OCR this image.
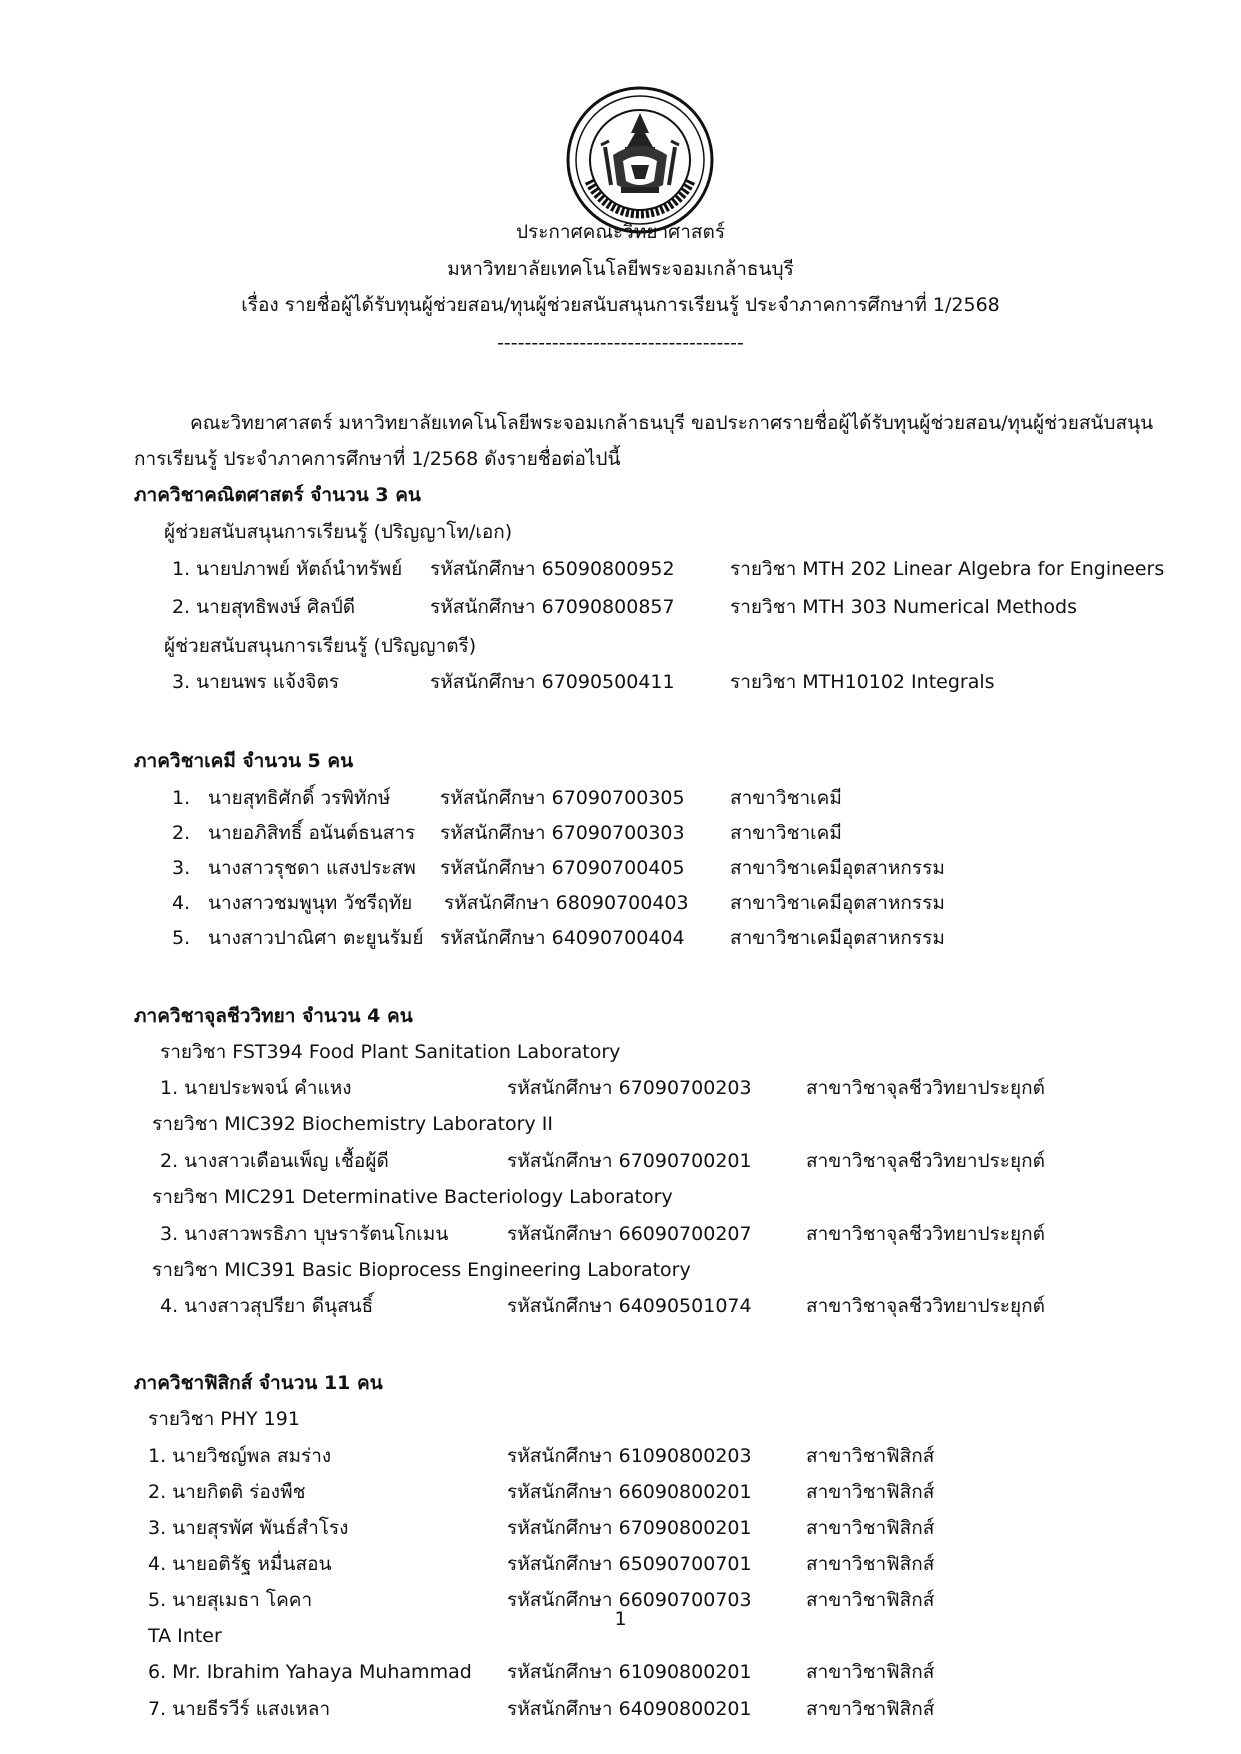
ประกาศคณะวิทยาศาสตร์
มหาวิทยาลัยเทคโนโลยีพระจอมเกล้าธนบุรี
เรื่อง รายชื่อผู้ได้รับทุนผู้ช่วยสอน/ทุนผู้ช่วยสนับสนุนการเรียนรู้ ประจำภาคการศึกษาที่ 1/2568
------------------------------------
คณะวิทยาศาสตร์ มหาวิทยาลัยเทคโนโลยีพระจอมเกล้าธนบุรี ขอประกาศรายชื่อผู้ได้รับทุนผู้ช่วยสอน/ทุนผู้ช่วยสนับสนุน
การเรียนรู้ ประจำภาคการศึกษาที่ 1/2568 ดังรายชื่อต่อไปนี้
ภาควิชาคณิตศาสตร์ จำนวน 3 คน
ผู้ช่วยสนับสนุนการเรียนรู้ (ปริญญาโท/เอก)
1. นายปภาพย์ หัตถ์นำทรัพย์ รหัสนักศึกษา 65090800952	รายวิชา MTH 202 Linear Algebra for Engineers
2. นายสุทธิพงษ์ ศิลป์ดี	รหัสนักศึกษา 67090800857	รายวิชา MTH 303 Numerical Methods
ผู้ช่วยสนับสนุนการเรียนรู้ (ปริญญาตรี)
3. นายนพร แจ้งจิตร	รหัสนักศึกษา 67090500411	รายวิชา MTH10102 Integrals
ภาควิชาเคมี จำนวน 5 คน
1. นายสุทธิศักดิ์ วรพิทักษ์	รหัสนักศึกษา 67090700305 สาขาวิชาเคมี
2. นายอภิสิทธิ์ อนันต์ธนสาร รหัสนักศึกษา 67090700303 สาขาวิชาเคมี
3. นางสาวรุชดา แสงประสพ รหัสนักศึกษา 67090700405 สาขาวิชาเคมีอุตสาหกรรม
4. นางสาวชมพูนุท วัชรีฤทัย รหัสนักศึกษา 68090700403 สาขาวิชาเคมีอุตสาหกรรม
5. นางสาวปาณิศา ตะยูนรัมย์ รหัสนักศึกษา 64090700404 สาขาวิชาเคมีอุตสาหกรรม
ภาควิชาจุลชีววิทยา จำนวน 4 คน
รายวิชา FST394 Food Plant Sanitation Laboratory
1. นายประพจน์ คำแหง	รหัสนักศึกษา 67090700203	สาขาวิชาจุลชีววิทยาประยุกต์
รายวิชา MIC392 Biochemistry Laboratory II
2. นางสาวเดือนเพ็ญ เชื้อผู้ดี	รหัสนักศึกษา 67090700201	สาขาวิชาจุลชีววิทยาประยุกต์
รายวิชา MIC291 Determinative Bacteriology Laboratory
3. นางสาวพรธิภา บุษรารัตนโกเมน	รหัสนักศึกษา 66090700207	สาขาวิชาจุลชีววิทยาประยุกต์
รายวิชา MIC391 Basic Bioprocess Engineering Laboratory
4. นางสาวสุปรียา ดีนุสนธิ์	รหัสนักศึกษา 64090501074	สาขาวิชาจุลชีววิทยาประยุกต์
ภาควิชาฟิสิกส์ จำนวน 11 คน
รายวิชา PHY 191
1. นายวิชญ์พล สมร่าง	รหัสนักศึกษา 61090800203	สาขาวิชาฟิสิกส์
2. นายกิตติ ร่องพืช	รหัสนักศึกษา 66090800201	สาขาวิชาฟิสิกส์
3. นายสุรพัศ พันธ์สำโรง	รหัสนักศึกษา 67090800201	สาขาวิชาฟิสิกส์
4. นายอติรัฐ หมื่นสอน	รหัสนักศึกษา 65090700701	สาขาวิชาฟิสิกส์
5. นายสุเมธา โคคา	รหัสนักศึกษา 66090700703	สาขาวิชาฟิสิกส์
1
TA Inter
6. Mr. Ibrahim Yahaya Muhammad รหัสนักศึกษา 61090800201	สาขาวิชาฟิสิกส์
7. นายธีรวีร์ แสงเหลา	รหัสนักศึกษา 64090800201	สาขาวิชาฟิสิกส์
